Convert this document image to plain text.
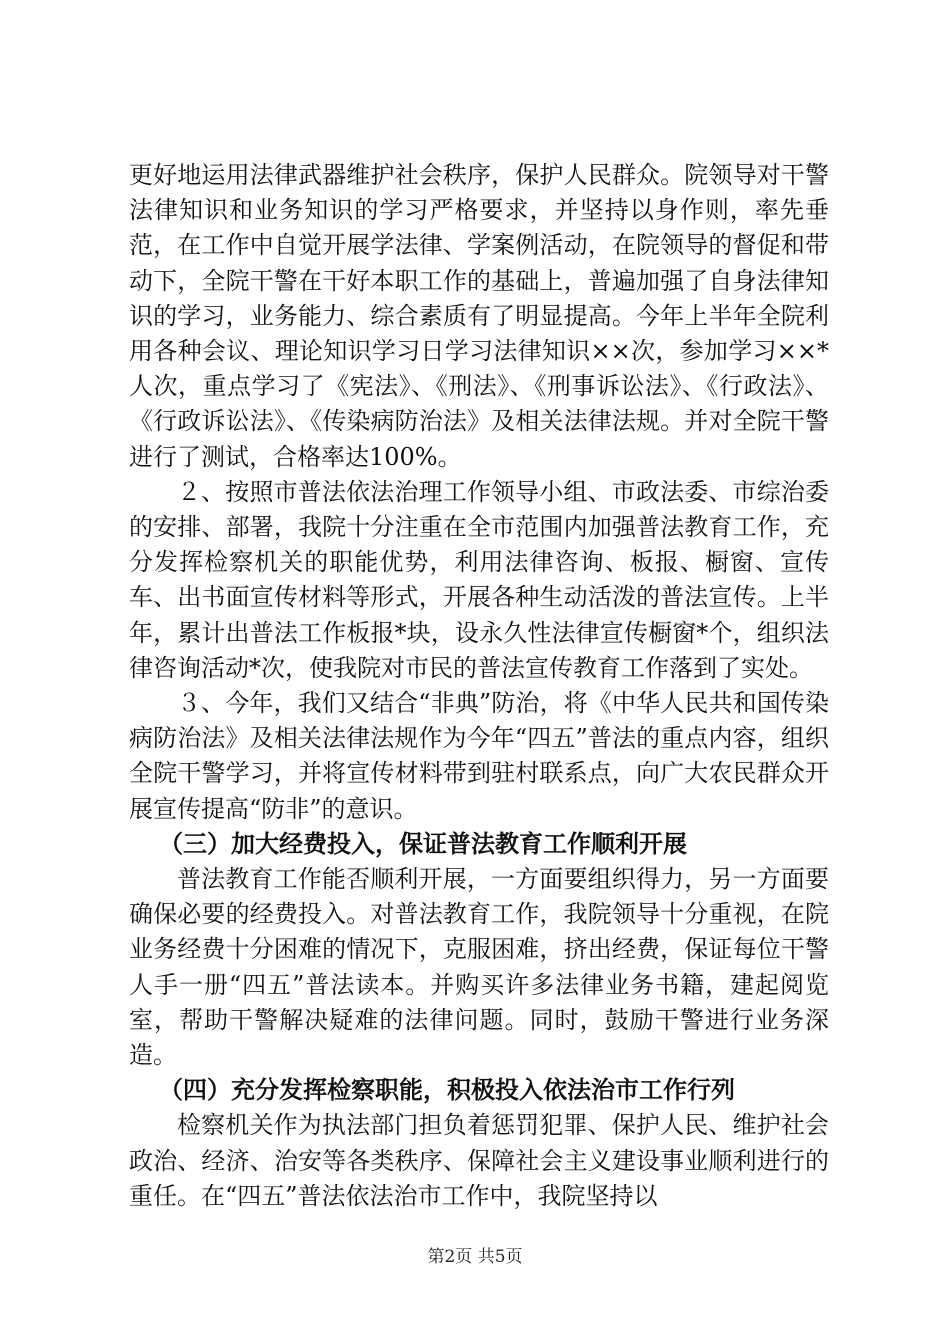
更好地运用法律武器维护社会秩序，保护人民群众。院领导对干警法律知识和业务知识的学习严格要求，并坚持以身作则，率先垂范，在工作中自觉开展学法律、学案例活动，在院领导的督促和带动下，全院干警在干好本职工作的基础上，普遍加强了自身法律知识的学习，业务能力、综合素质有了明显提高。今年上半年全院利用各种会议、理论知识学习日学习法律知识××次，参加学习××*人次，重点学习了《宪法》、《刑法》、《刑事诉讼法》、《行政法》、《行政诉讼法》、《传染病防治法》及相关法律法规。并对全院干警进行了测试，合格率达100%。

２、按照市普法依法治理工作领导小组、市政法委、市综治委的安排、部署，我院十分注重在全市范围内加强普法教育工作，充分发挥检察机关的职能优势，利用法律咨询、板报、橱窗、宣传车、出书面宣传材料等形式，开展各种生动活泼的普法宣传。上半年，累计出普法工作板报*块，设永久性法律宣传橱窗*个，组织法律咨询活动*次，使我院对市民的普法宣传教育工作落到了实处。

３、今年，我们又结合“非典”防治，将《中华人民共和国传染病防治法》及相关法律法规作为今年“四五”普法的重点内容，组织全院干警学习，并将宣传材料带到驻村联系点，向广大农民群众开展宣传提高“防非”的意识。

（三）加大经费投入，保证普法教育工作顺利开展

普法教育工作能否顺利开展，一方面要组织得力，另一方面要确保必要的经费投入。对普法教育工作，我院领导十分重视，在院业务经费十分困难的情况下，克服困难，挤出经费，保证每位干警人手一册“四五”普法读本。并购买许多法律业务书籍，建起阅览室，帮助干警解决疑难的法律问题。同时，鼓励干警进行业务深造。

（四）充分发挥检察职能，积极投入依法治市工作行列

检察机关作为执法部门担负着惩罚犯罪、保护人民、维护社会政治、经济、治安等各类秩序、保障社会主义建设事业顺利进行的重任。在“四五”普法依法治市工作中，我院坚持以

第2页 共5页
